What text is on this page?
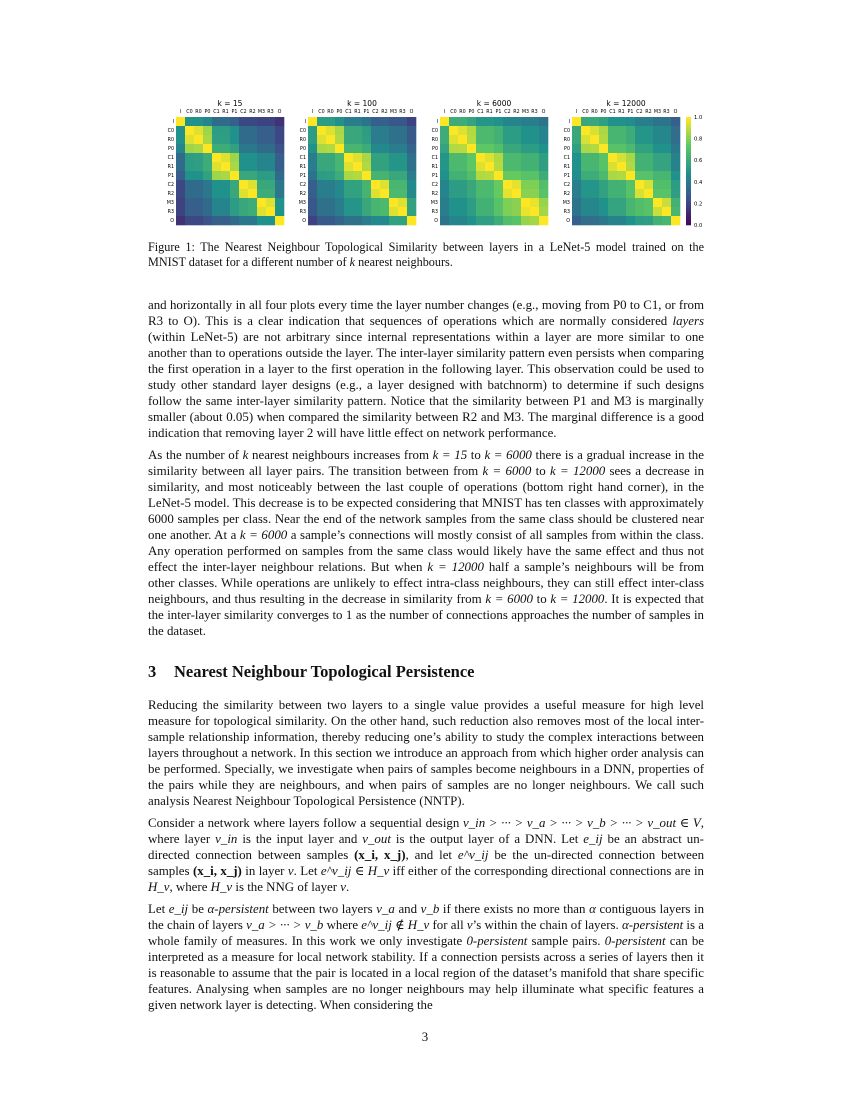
k = 15
I
I
C0
C0
R0
R0
P0
P0
C1
C1
R1
R1
P1
P1
C2
C2
R2
R2
M3
M3
R3
R3
O
O
k = 100
I
I
C0
C0
R0
R0
P0
P0
C1
C1
R1
R1
P1
P1
C2
C2
R2
R2
M3
M3
R3
R3
O
O
k = 6000
I
I
C0
C0
R0
R0
P0
P0
C1
C1
R1
R1
P1
P1
C2
C2
R2
R2
M3
M3
R3
R3
O
O
k = 12000
I
I
C0
C0
R0
R0
P0
P0
C1
C1
R1
R1
P1
P1
C2
C2
R2
R2
M3
M3
R3
R3
O
O
0.0
0.2
0.4
0.6
0.8
1.0
Figure 1: The Nearest Neighbour Topological Similarity between layers in a LeNet-5 model trained on the MNIST dataset for a different number of k nearest neighbours.

and horizontally in all four plots every time the layer number changes (e.g., moving from P0 to C1, or from R3 to O). This is a clear indication that sequences of operations which are normally considered layers (within LeNet-5) are not arbitrary since internal representations within a layer are more similar to one another than to operations outside the layer. The inter-layer similarity pattern even persists when comparing the first operation in a layer to the first operation in the following layer. This observation could be used to study other standard layer designs (e.g., a layer designed with batchnorm) to determine if such designs follow the same inter-layer similarity pattern. Notice that the similarity between P1 and M3 is marginally smaller (about 0.05) when compared the similarity between R2 and M3. The marginal difference is a good indication that removing layer 2 will have little effect on network performance.

As the number of k nearest neighbours increases from k = 15 to k = 6000 there is a gradual increase in the similarity between all layer pairs. The transition between from k = 6000 to k = 12000 sees a decrease in similarity, and most noticeably between the last couple of operations (bottom right hand corner), in the LeNet-5 model. This decrease is to be expected considering that MNIST has ten classes with approximately 6000 samples per class. Near the end of the network samples from the same class should be clustered near one another. At a k = 6000 a sample’s connections will mostly consist of all samples from within the class. Any operation performed on samples from the same class would likely have the same effect and thus not effect the inter-layer neighbour relations. But when k = 12000 half a sample’s neighbours will be from other classes. While operations are unlikely to effect intra-class neighbours, they can still effect inter-class neighbours, and thus resulting in the decrease in similarity from k = 6000 to k = 12000. It is expected that the inter-layer similarity converges to 1 as the number of connections approaches the number of samples in the dataset.

3 Nearest Neighbour Topological Persistence

Reducing the similarity between two layers to a single value provides a useful measure for high level measure for topological similarity. On the other hand, such reduction also removes most of the local inter-sample relationship information, thereby reducing one’s ability to study the complex interactions between layers throughout a network. In this section we introduce an approach from which higher order analysis can be performed. Specially, we investigate when pairs of samples become neighbours in a DNN, properties of the pairs while they are neighbours, and when pairs of samples are no longer neighbours. We call such analysis Nearest Neighbour Topological Persistence (NNTP).

Consider a network where layers follow a sequential design v_in > ··· > v_a > ··· > v_b > ··· > v_out ∈ V, where layer v_in is the input layer and v_out is the output layer of a DNN. Let e_ij be an abstract un-directed connection between samples (x_i, x_j), and let e^v_ij be the un-directed connection between samples (x_i, x_j) in layer v. Let e^v_ij ∈ H_v iff either of the corresponding directional connections are in H_v, where H_v is the NNG of layer v.

Let e_ij be α-persistent between two layers v_a and v_b if there exists no more than α contiguous layers in the chain of layers v_a > ··· > v_b where e^v_ij ∉ H_v for all v’s within the chain of layers. α-persistent is a whole family of measures. In this work we only investigate 0-persistent sample pairs. 0-persistent can be interpreted as a measure for local network stability. If a connection persists across a series of layers then it is reasonable to assume that the pair is located in a local region of the dataset’s manifold that share specific features. Analysing when samples are no longer neighbours may help illuminate what specific features a given network layer is detecting. When considering the

3
